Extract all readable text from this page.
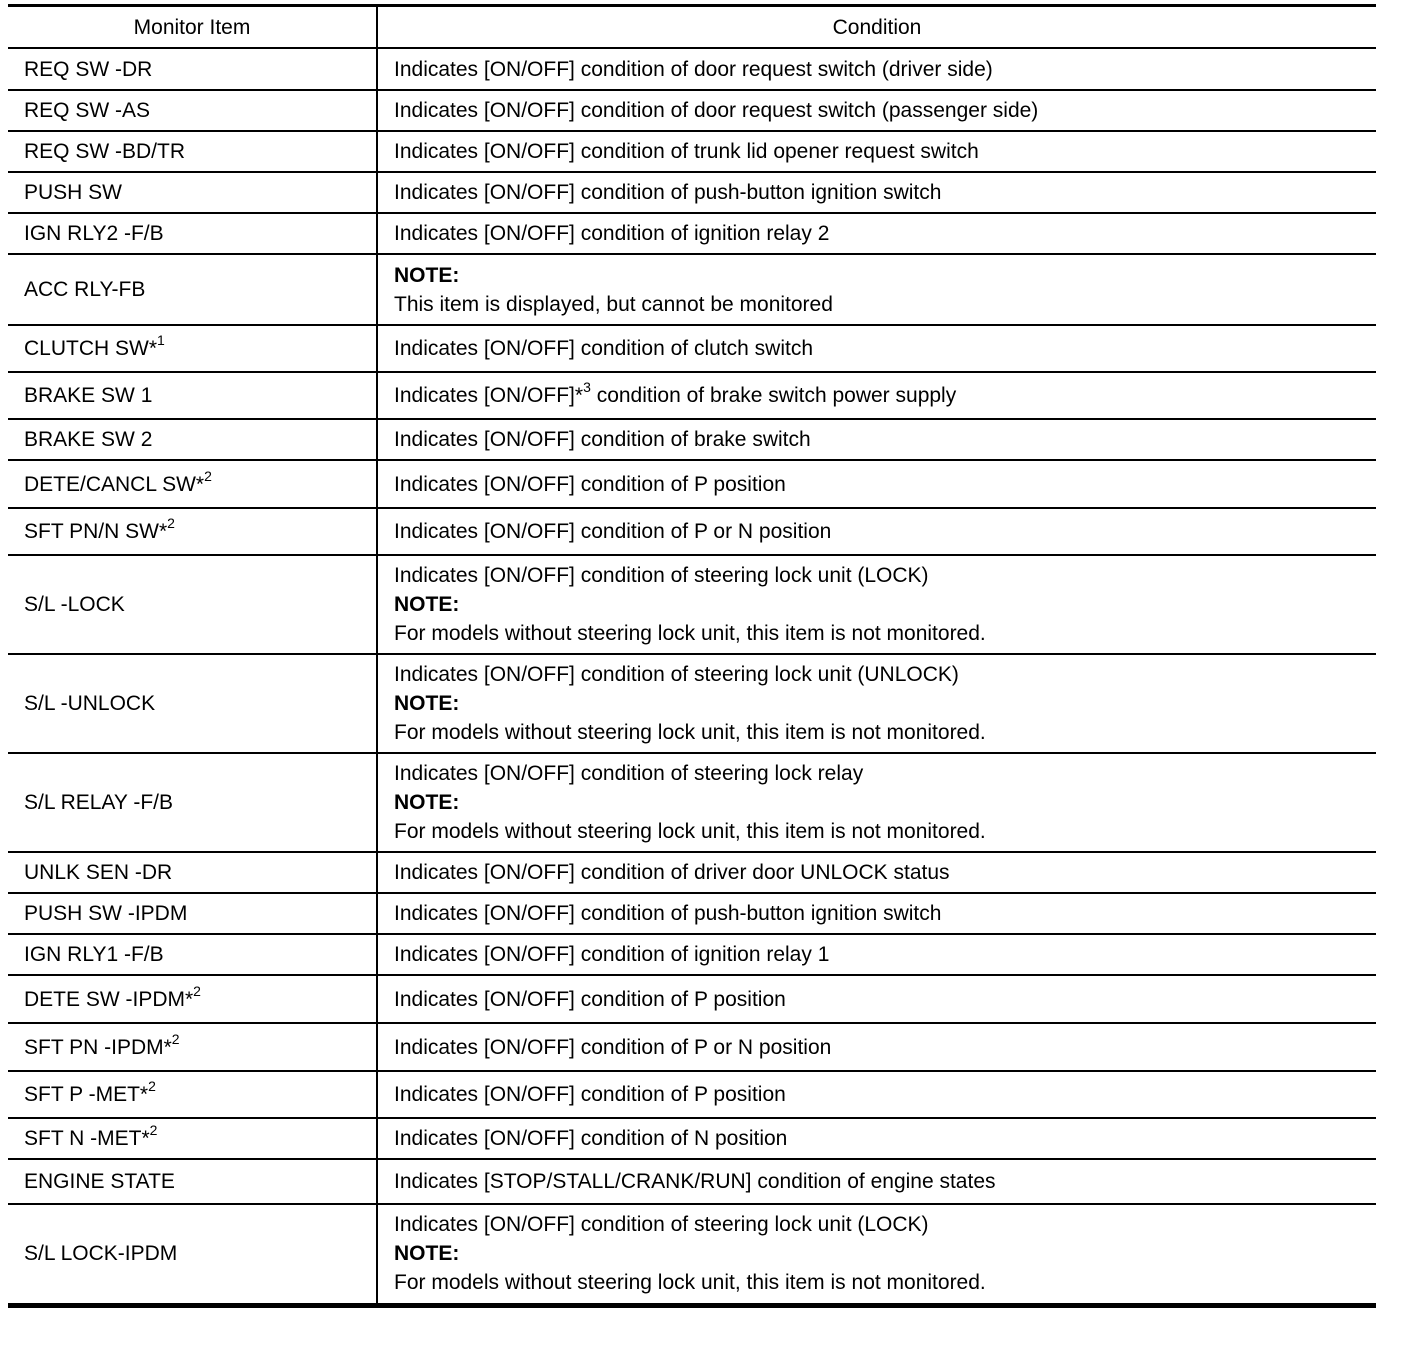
Monitor Item	Condition
REQ SW -DR	Indicates [ON/OFF] condition of door request switch (driver side)

REQ SW -AS	Indicates [ON/OFF] condition of door request switch (passenger side)

REQ SW -BD/TR	Indicates [ON/OFF] condition of trunk lid opener request switch

PUSH SW	Indicates [ON/OFF] condition of push-button ignition switch

IGN RLY2 -F/B	Indicates [ON/OFF] condition of ignition relay 2

ACC RLY-FB	NOTE:
This item is displayed, but cannot be monitored

CLUTCH SW*$^1$	Indicates [ON/OFF] condition of clutch switch

BRAKE SW 1	Indicates [ON/OFF]*$^3$ condition of brake switch power supply

BRAKE SW 2	Indicates [ON/OFF] condition of brake switch

DETE/CANCL SW*$^2$	Indicates [ON/OFF] condition of P position

SFT PN/N SW*$^2$	Indicates [ON/OFF] condition of P or N position

S/L -LOCK	Indicates [ON/OFF] condition of steering lock unit (LOCK)
NOTE:
For models without steering lock unit, this item is not monitored.

S/L -UNLOCK	Indicates [ON/OFF] condition of steering lock unit (UNLOCK)
NOTE:
For models without steering lock unit, this item is not monitored.

S/L RELAY -F/B	Indicates [ON/OFF] condition of steering lock relay
NOTE:
For models without steering lock unit, this item is not monitored.

UNLK SEN -DR	Indicates [ON/OFF] condition of driver door UNLOCK status

PUSH SW -IPDM	Indicates [ON/OFF] condition of push-button ignition switch

IGN RLY1 -F/B	Indicates [ON/OFF] condition of ignition relay 1

DETE SW -IPDM*$^2$	Indicates [ON/OFF] condition of P position

SFT PN -IPDM*$^2$	Indicates [ON/OFF] condition of P or N position

SFT P -MET*$^2$	Indicates [ON/OFF] condition of P position

SFT N -MET*$^2$	Indicates [ON/OFF] condition of N position

ENGINE STATE	Indicates [STOP/STALL/CRANK/RUN] condition of engine states

S/L LOCK-IPDM	Indicates [ON/OFF] condition of steering lock unit (LOCK)
NOTE:
For models without steering lock unit, this item is not monitored.
